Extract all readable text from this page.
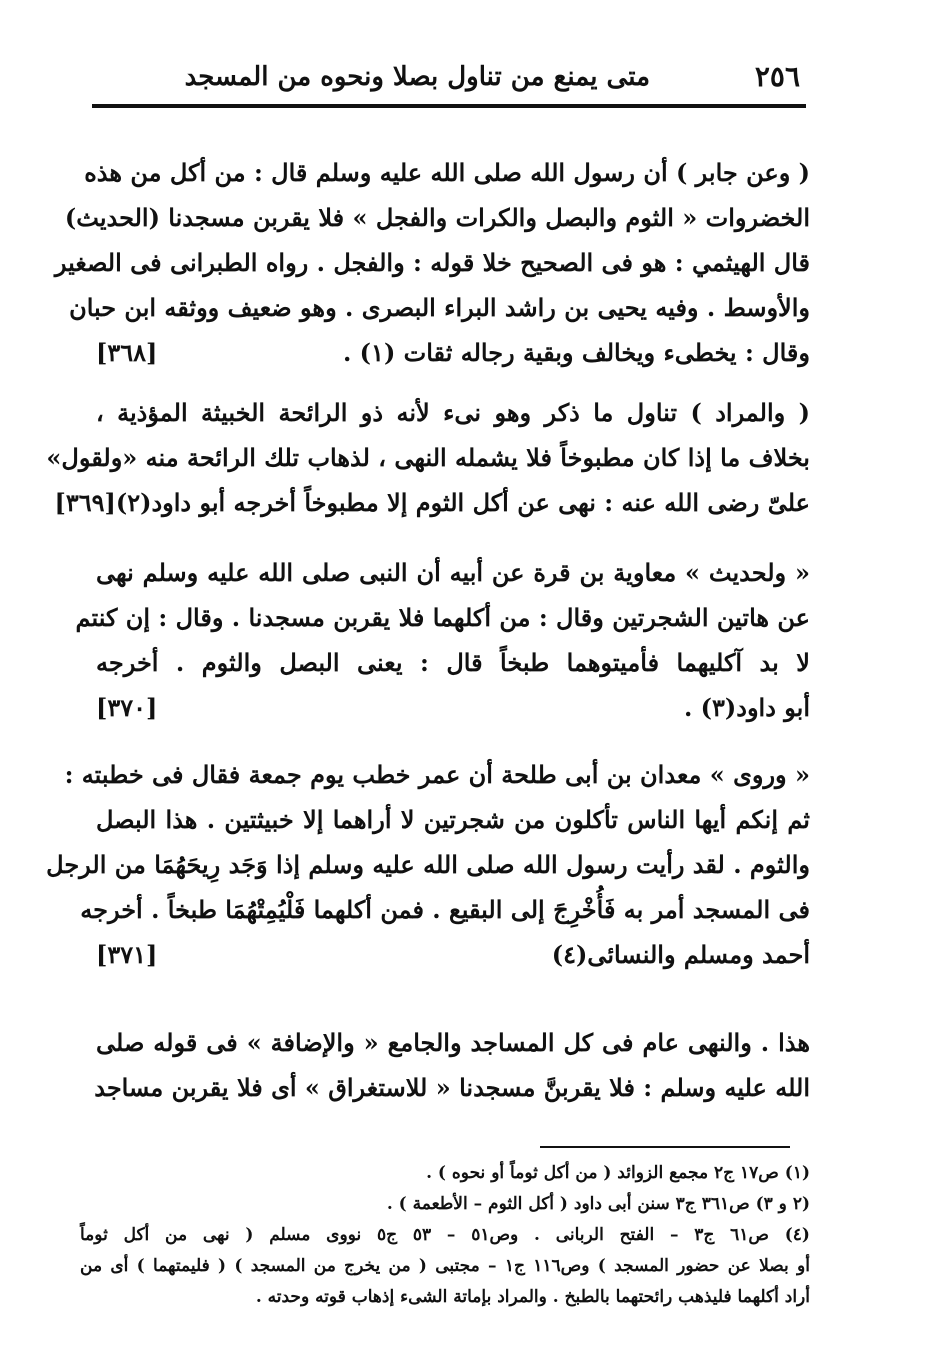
٢٥٦
متى يمنع من تناول بصلا ونحوه من المسجد
( وعن جابر ) أن رسول الله صلى الله عليه وسلم قال : من أكل من هذه
الخضروات « الثوم والبصل والكرات والفجل » فلا يقربن مسجدنا (الحديث)
قال الهيثمي : هو فى الصحيح خلا قوله : والفجل . رواه الطبرانى فى الصغير
والأوسط . وفيه يحيى بن راشد البراء البصرى . وهو ضعيف ووثقه ابن حبان
وقال : يخطىء ويخالف وبقية رجاله ثقات (١) .
[٣٦٨]
( والمراد ) تناول ما ذكر وهو نىء لأنه ذو الرائحة الخبيثة المؤذية ،
بخلاف ما إذا كان مطبوخاً فلا يشمله النهى ، لذهاب تلك الرائحة منه «ولقول»
علىّ رضى الله عنه : نهى عن أكل الثوم إلا مطبوخاً أخرجه أبو داود(٢)
[٣٦٩]
« ولحديث » معاوية بن قرة عن أبيه أن النبى صلى الله عليه وسلم نهى
عن هاتين الشجرتين وقال : من أكلهما فلا يقربن مسجدنا . وقال : إن كنتم
لا بد آكليهما فأميتوهما طبخاً قال : يعنى البصل والثوم . أخرجه
أبو داود(٣) .
[٣٧٠]
« وروى » معدان بن أبى طلحة أن عمر خطب يوم جمعة فقال فى خطبته :
ثم إنكم أيها الناس تأكلون من شجرتين لا أراهما إلا خبيثتين . هذا البصل
والثوم . لقد رأيت رسول الله صلى الله عليه وسلم إذا وَجَد رِيحَهُمَا من الرجل
فى المسجد أمر به فَأُخْرِجَ إلى البقيع . فمن أكلهما فَلْيُمِتْهُمَا طبخاً . أخرجه
أحمد ومسلم والنسائى(٤)
[٣٧١]
هذا . والنهى عام فى كل المساجد والجامع « والإضافة » فى قوله صلى
الله عليه وسلم : فلا يقربنَّ مسجدنا « للاستغراق » أى فلا يقربن مساجد
(١) ص١٧ ج٢ مجمع الزوائد ( من أكل ثوماً أو نحوه ) .
(٢ و ٣) ص٣٦١ ج٣ سنن أبى داود ( أكل الثوم – الأطعمة ) .
(٤) ص٦١ ج٣ – الفتح الربانى . وص٥١ – ٥٣ ج٥ نووى مسلم ( نهى من أكل ثوماً
أو بصلا عن حضور المسجد ) وص١١٦ ج١ – مجتبى ( من يخرج من المسجد ) ( فليمتهما ) أى من
أراد أكلهما فليذهب رائحتهما بالطبخ . والمراد بإماتة الشىء إذهاب قوته وحدته .
